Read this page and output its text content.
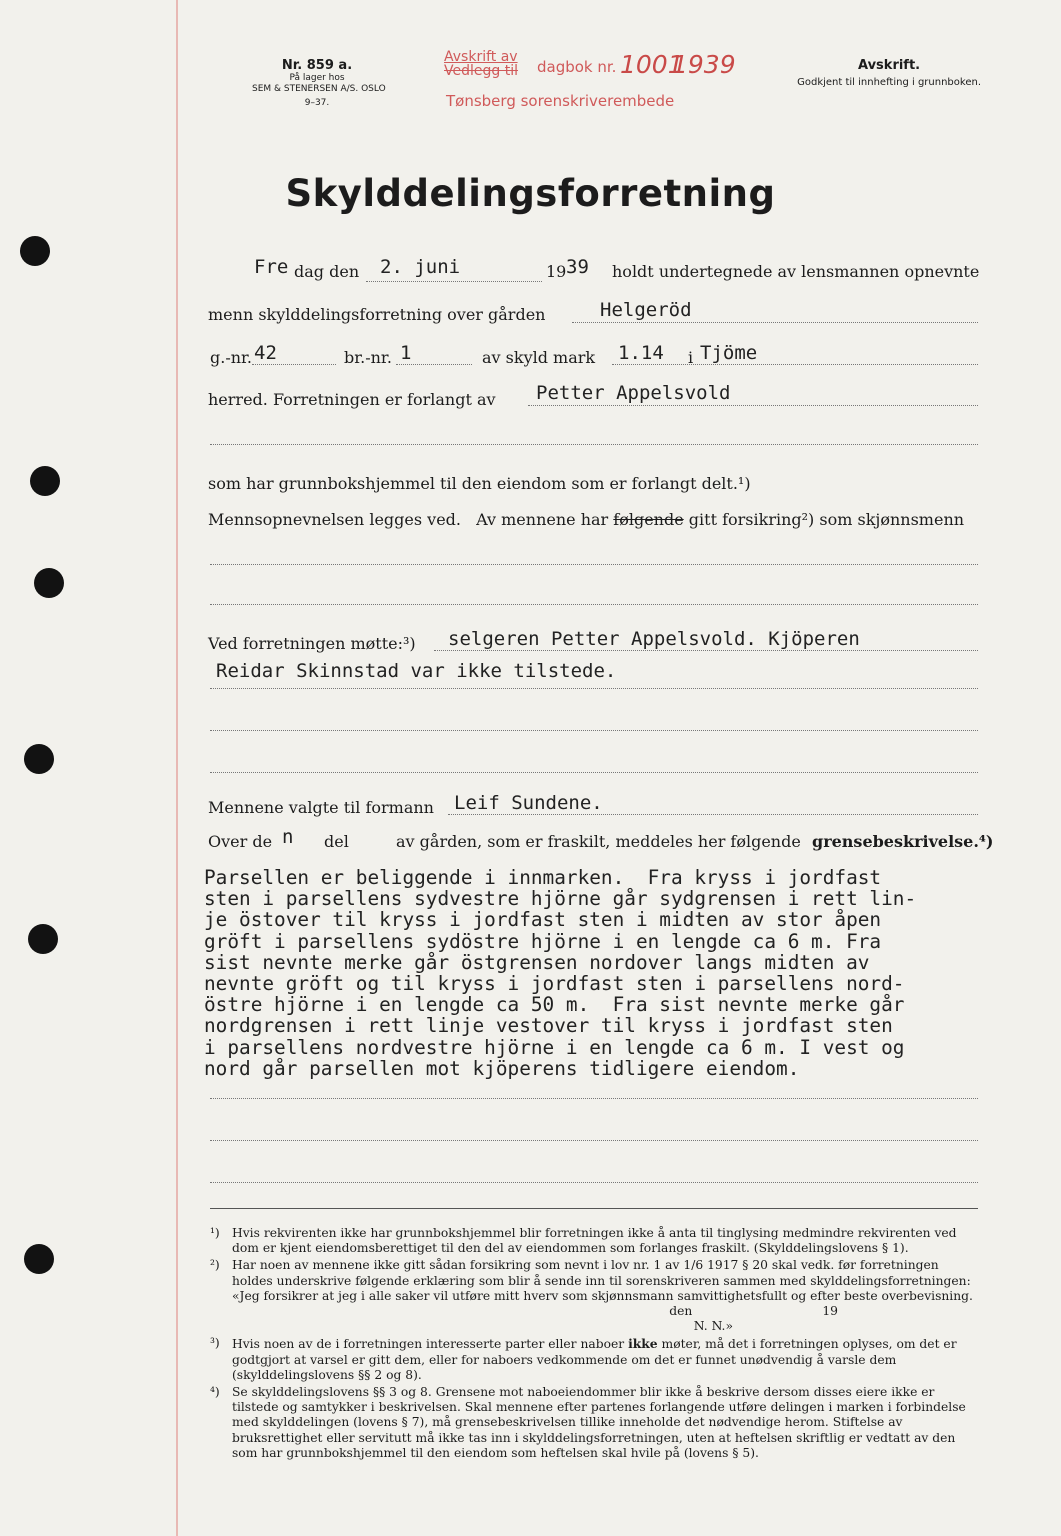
Nr. 859 a.
På lager hos
SEM & STENERSEN A/S. OSLO
9–37.
Avskrift av
Vedlegg til dagbok nr. 1001
1939
Tønsberg sorenskriverembede
Avskrift.
Godkjent til innhefting i grunnboken.
Skylddelingsforretning
Fre dag den 2. juni	19 39 holdt undertegnede av lensmannen opnevnte
menn skylddelingsforretning over gården	Helgeröd
g.-nr. 42	br.-nr. 1	av skyld mark 1.14 i Tjöme
herred. Forretningen er forlangt av Petter Appelsvold
som har grunnbokshjemmel til den eiendom som er forlangt delt.¹)
Mennsopnevnelsen legges ved. Av mennene har følgende gitt forsikring²) som skjønnsmenn
Ved forretningen møtte:³) selgeren Petter Appelsvold. Kjöperen
Reidar Skinnstad var ikke tilstede.
Mennene valgte til formann Leif Sundene.
Over de n del	av gården, som er fraskilt, meddeles her følgende grensebeskrivelse.⁴)
Parsellen er beliggende i innmarken.  Fra kryss i jordfast
sten i parsellens sydvestre hjörne går sydgrensen i rett lin-
je östover til kryss i jordfast sten i midten av stor åpen
gröft i parsellens sydöstre hjörne i en lengde ca 6 m. Fra
sist nevnte merke går östgrensen nordover langs midten av
nevnte gröft og til kryss i jordfast sten i parsellens nord-
östre hjörne i en lengde ca 50 m.  Fra sist nevnte merke går
nordgrensen i rett linje vestover til kryss i jordfast sten
i parsellens nordvestre hjörne i en lengde ca 6 m. I vest og
nord går parsellen mot kjöperens tidligere eiendom.
¹) Hvis rekvirenten ikke har grunnbokshjemmel blir forretningen ikke å anta til tinglysing medmindre rekvirenten ved dom er kjent eiendomsberettiget til den del av eiendommen som forlanges fraskilt. (Skylddelingslovens § 1).
²) Har noen av mennene ikke gitt sådan forsikring som nevnt i lov nr. 1 av 1/6 1917 § 20 skal vedk. før forretningen holdes underskrive følgende erklæring som blir å sende inn til sorenskriveren sammen med skylddelingsforretningen: «Jeg forsikrer at jeg i alle saker vil utføre mitt hverv som skjønnsmann samvittighetsfullt og efter beste overbevisning.
den	19
N. N.»
³) Hvis noen av de i forretningen interesserte parter eller naboer ikke møter, må det i forretningen oplyses, om det er godtgjort at varsel er gitt dem, eller for naboers vedkommende om det er funnet unødvendig å varsle dem (skylddelingslovens §§ 2 og 8).
⁴) Se skylddelingslovens §§ 3 og 8. Grensene mot naboeiendommer blir ikke å beskrive dersom disses eiere ikke er tilstede og samtykker i beskrivelsen. Skal mennene efter partenes forlangende utføre delingen i marken i forbindelse med skylddelingen (lovens § 7), må grensebeskrivelsen tillike inneholde det nødvendige herom. Stiftelse av bruksrettighet eller servitutt må ikke tas inn i skylddelingsforretningen, uten at heftelsen skriftlig er vedtatt av den som har grunnbokshjemmel til den eiendom som heftelsen skal hvile på (lovens § 5).
